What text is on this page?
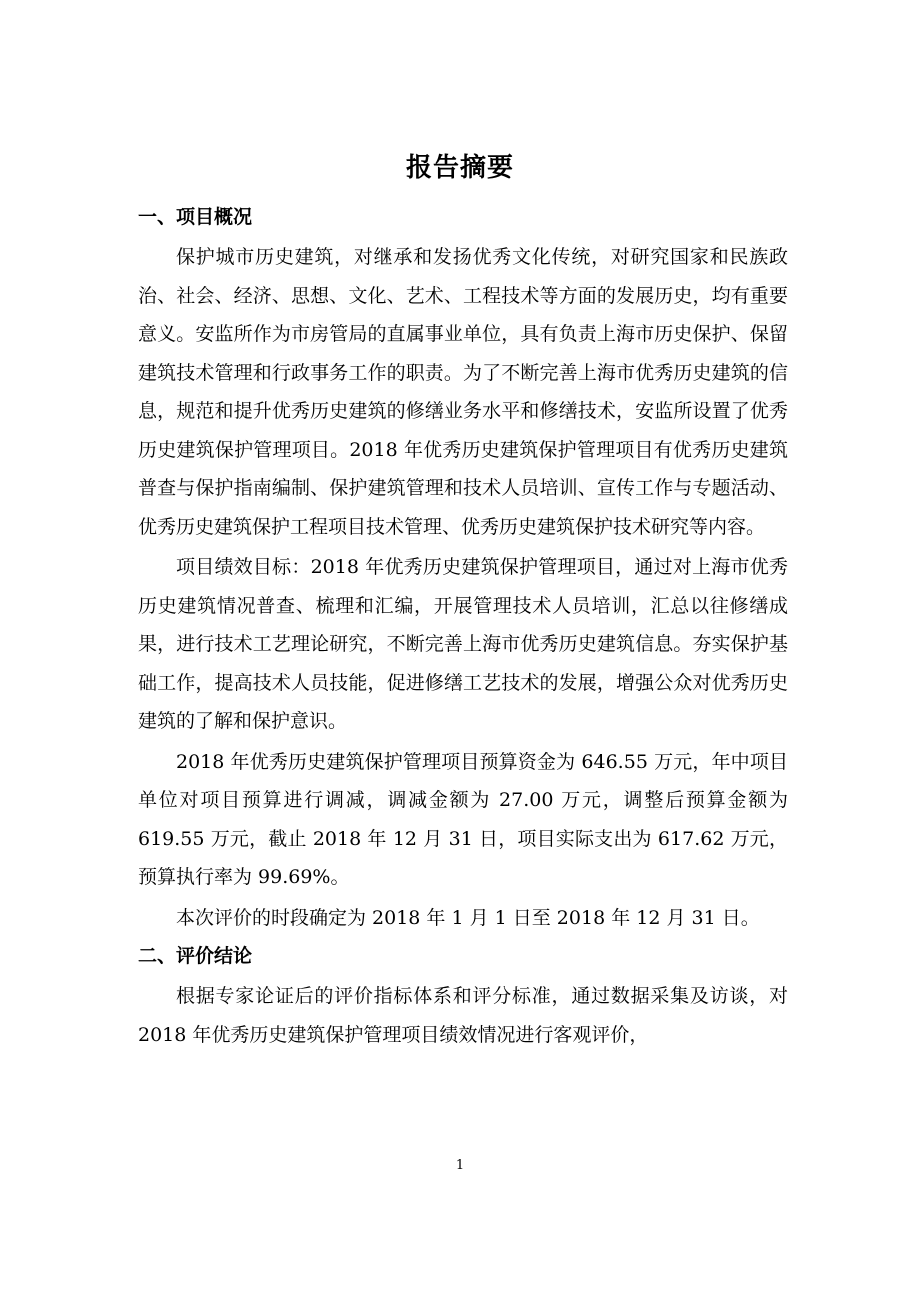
报告摘要
一、项目概况

保护城市历史建筑，对继承和发扬优秀文化传统，对研究国家和民族政治、社会、经济、思想、文化、艺术、工程技术等方面的发展历史，均有重要意义。安监所作为市房管局的直属事业单位，具有负责上海市历史保护、保留建筑技术管理和行政事务工作的职责。为了不断完善上海市优秀历史建筑的信息，规范和提升优秀历史建筑的修缮业务水平和修缮技术，安监所设置了优秀历史建筑保护管理项目。2018 年优秀历史建筑保护管理项目有优秀历史建筑普查与保护指南编制、保护建筑管理和技术人员培训、宣传工作与专题活动、优秀历史建筑保护工程项目技术管理、优秀历史建筑保护技术研究等内容。

项目绩效目标：2018 年优秀历史建筑保护管理项目，通过对上海市优秀历史建筑情况普查、梳理和汇编，开展管理技术人员培训，汇总以往修缮成果，进行技术工艺理论研究，不断完善上海市优秀历史建筑信息。夯实保护基础工作，提高技术人员技能，促进修缮工艺技术的发展，增强公众对优秀历史建筑的了解和保护意识。

2018 年优秀历史建筑保护管理项目预算资金为 646.55 万元，年中项目单位对项目预算进行调减，调减金额为 27.00 万元，调整后预算金额为 619.55 万元，截止 2018 年 12 月 31 日，项目实际支出为 617.62 万元，预算执行率为 99.69%。

本次评价的时段确定为 2018 年 1 月 1 日至 2018 年 12 月 31 日。

二、评价结论

根据专家论证后的评价指标体系和评分标准，通过数据采集及访谈，对 2018 年优秀历史建筑保护管理项目绩效情况进行客观评价，

1
